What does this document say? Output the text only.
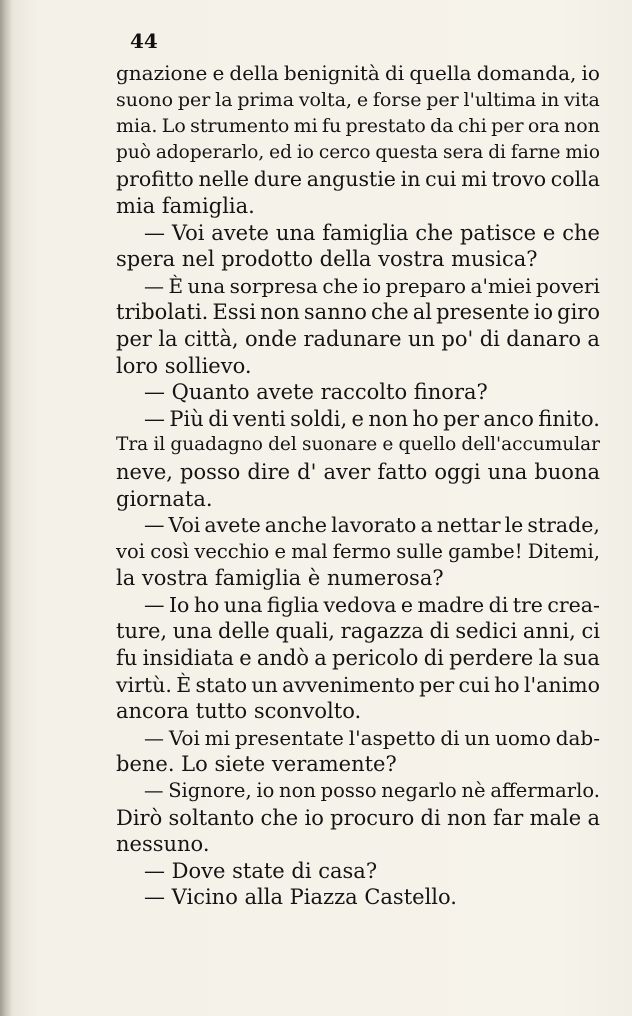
44
gnazione e della benignità di quella domanda, io
suono per la prima volta, e forse per l'ultima in vita
mia. Lo strumento mi fu prestato da chi per ora non
può adoperarlo, ed io cerco questa sera di farne mio
profitto nelle dure angustie in cui mi trovo colla
mia famiglia.
— Voi avete una famiglia che patisce e che
spera nel prodotto della vostra musica?
— È una sorpresa che io preparo a'miei poveri
tribolati. Essi non sanno che al presente io giro
per la città, onde radunare un po' di danaro a
loro sollievo.
— Quanto avete raccolto finora?
— Più di venti soldi, e non ho per anco finito.
Tra il guadagno del suonare e quello dell'accumular
neve, posso dire d' aver fatto oggi una buona
giornata.
— Voi avete anche lavorato a nettar le strade,
voi così vecchio e mal fermo sulle gambe! Ditemi,
la vostra famiglia è numerosa?
— Io ho una figlia vedova e madre di tre crea-
ture, una delle quali, ragazza di sedici anni, ci
fu insidiata e andò a pericolo di perdere la sua
virtù. È stato un avvenimento per cui ho l'animo
ancora tutto sconvolto.
— Voi mi presentate l'aspetto di un uomo dab-
bene. Lo siete veramente?
— Signore, io non posso negarlo nè affermarlo.
Dirò soltanto che io procuro di non far male a
nessuno.
— Dove state di casa?
— Vicino alla Piazza Castello.
